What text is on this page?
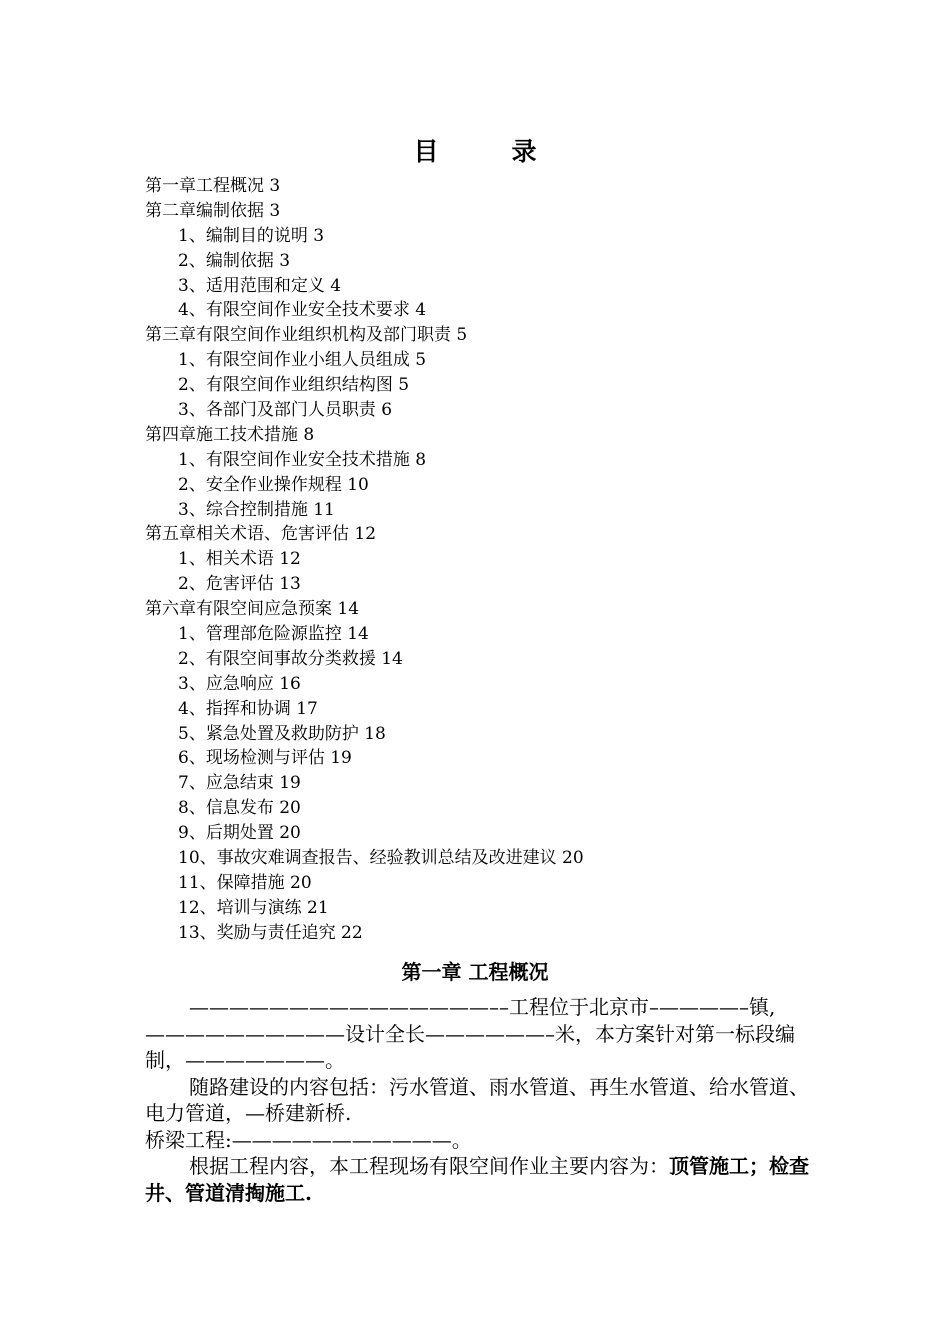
目　录
第一章工程概况 3
第二章编制依据 3
1、编制目的说明 3
2、编制依据 3
3、适用范围和定义 4
4、有限空间作业安全技术要求 4
第三章有限空间作业组织机构及部门职责 5
1、有限空间作业小组人员组成 5
2、有限空间作业组织结构图 5
3、各部门及部门人员职责 6
第四章施工技术措施 8
1、有限空间作业安全技术措施 8
2、安全作业操作规程 10
3、综合控制措施 11
第五章相关术语、危害评估 12
1、相关术语 12
2、危害评估 13
第六章有限空间应急预案 14
1、管理部危险源监控 14
2、有限空间事故分类救援 14
3、应急响应 16
4、指挥和协调 17
5、紧急处置及救助防护 18
6、现场检测与评估 19
7、应急结束 19
8、信息发布 20
9、后期处置 20
10、事故灾难调查报告、经验教训总结及改进建议 20
11、保障措施 20
12、培训与演练 21
13、奖励与责任追究 22
第一章 工程概况

———————————————––工程位于北京市–————–镇, ——————————设计全长——————–米，本方案针对第一标段编制，———————。

随路建设的内容包括：污水管道、雨水管道、再生水管道、给水管道、电力管道，—桥建新桥.

桥梁工程:———————————。

根据工程内容，本工程现场有限空间作业主要内容为：顶管施工；检查井、管道清掏施工.
